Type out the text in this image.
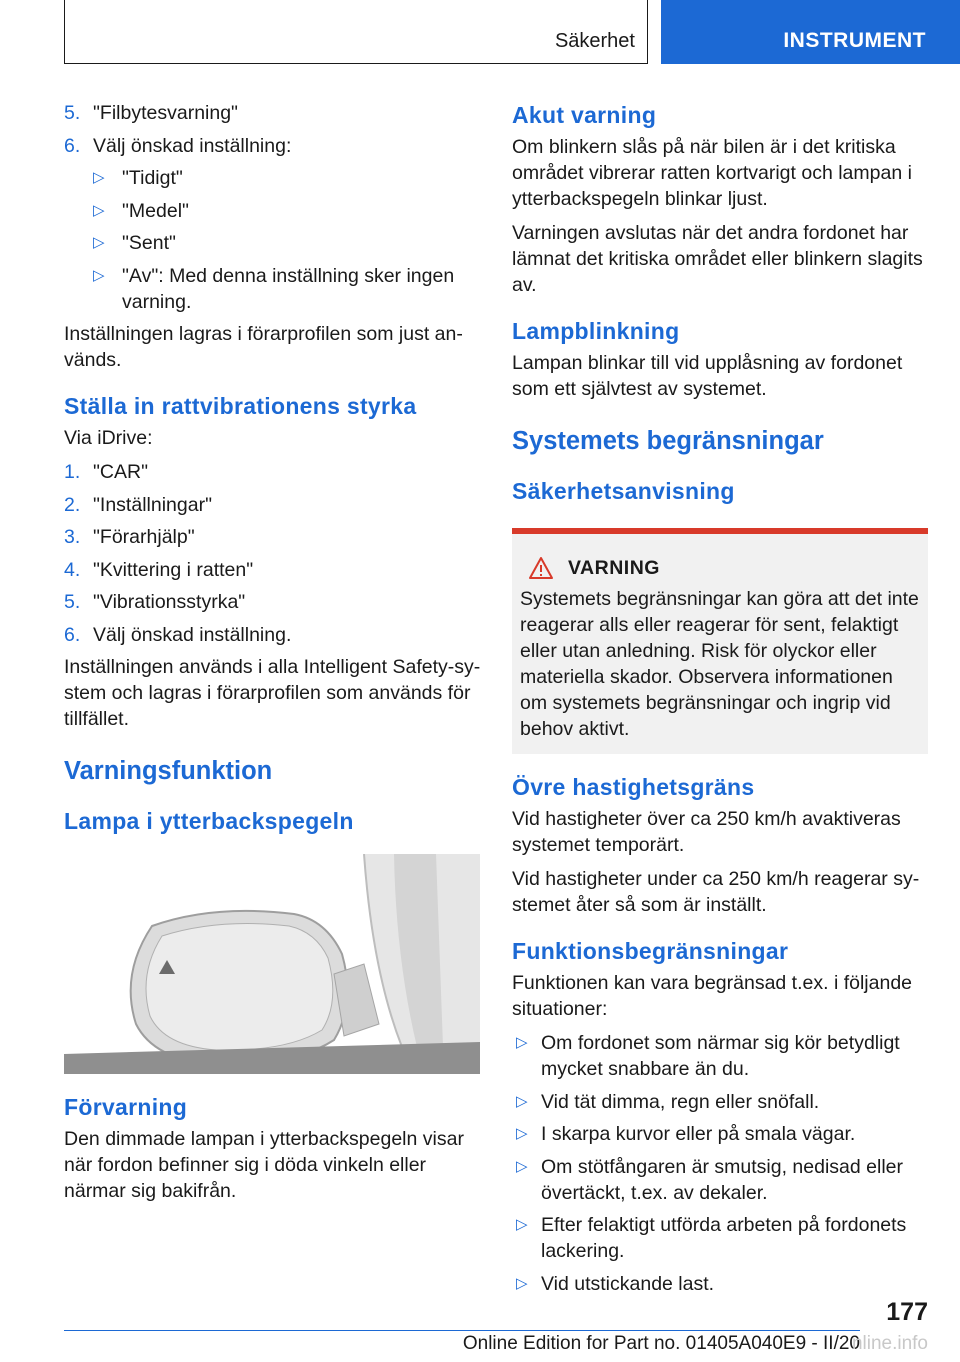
Säkerhet	INSTRUMENT
5. "Filbytesvarning"
6. Välj önskad inställning:
▷ "Tidigt"
▷ "Medel"
▷ "Sent"
▷ "Av": Med denna inställning sker ingen varning.

Inställningen lagras i förarprofilen som just används.

Ställa in rattvibrationens styrka

Via iDrive:

1. "CAR"
2. "Inställningar"
3. "Förarhjälp"
4. "Kvittering i ratten"
5. "Vibrationsstyrka"
6. Välj önskad inställning.

Inställningen används i alla Intelligent Safety-system och lagras i förarprofilen som används för tillfället.

Varningsfunktion
Lampa i ytterbackspegeln
Förvarning

Den dimmade lampan i ytterbackspegeln visar när fordon befinner sig i döda vinkeln eller närmar sig bakifrån.

Akut varning

Om blinkern slås på när bilen är i det kritiska området vibrerar ratten kortvarigt och lampan i ytterbackspegeln blinkar ljust.

Varningen avslutas när det andra fordonet har lämnat det kritiska området eller blinkern slagits av.

Lampblinkning

Lampan blinkar till vid upplåsning av fordonet som ett självtest av systemet.

Systemets begränsningar
Säkerhetsanvisning
VARNING

Systemets begränsningar kan göra att det inte reagerar alls eller reagerar för sent, felaktigt eller utan anledning. Risk för olyckor eller materiella skador. Observera informationen om systemets begränsningar och ingrip vid behov aktivt.

Övre hastighetsgräns

Vid hastigheter över ca 250 km/h avaktiveras systemet temporärt.

Vid hastigheter under ca 250 km/h reagerar systemet åter så som är inställt.

Funktionsbegränsningar

Funktionen kan vara begränsad t.ex. i följande situationer:

▷ Om fordonet som närmar sig kör betydligt mycket snabbare än du.
▷ Vid tät dimma, regn eller snöfall.
▷ I skarpa kurvor eller på smala vägar.
▷ Om stötfångaren är smutsig, nedisad eller övertäckt, t.ex. av dekaler.
▷ Efter felaktigt utförda arbeten på fordonets lackering.
▷ Vid utstickande last.
177
Online Edition for Part no. 01405A040E9 - II/20
nline.info
